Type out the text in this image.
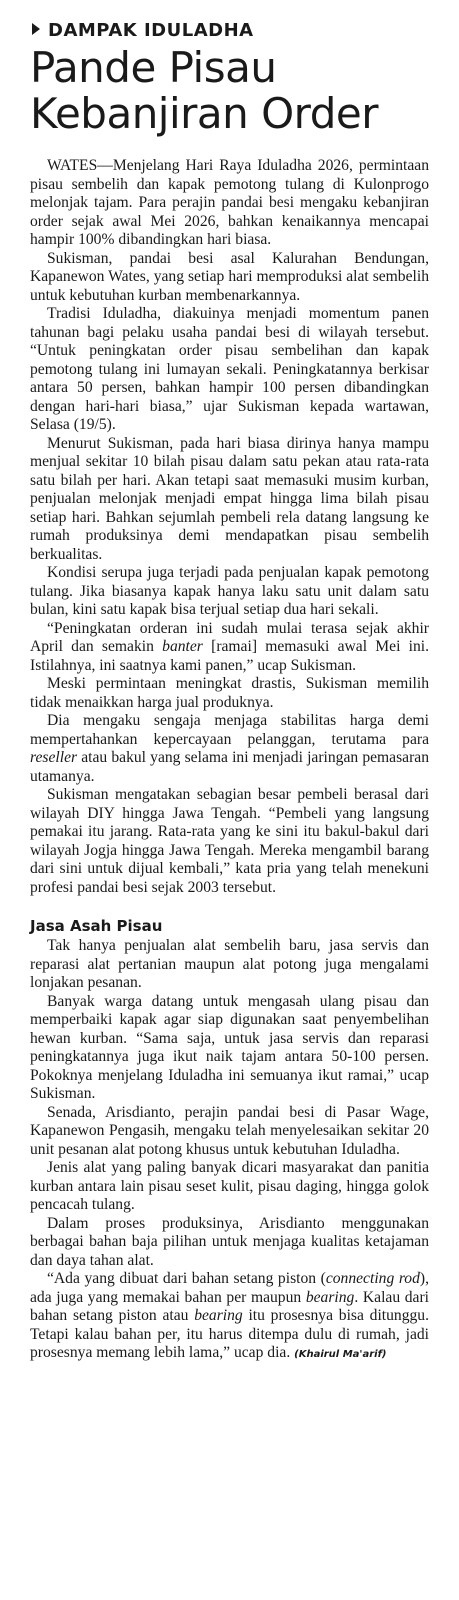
DAMPAK IDULADHA
Pande Pisau
Kebanjiran Order

WATES—Menjelang Hari Raya Iduladha 2026, permintaan pisau sembelih dan kapak pemotong tulang di Kulonprogo melonjak tajam. Para perajin pandai besi mengaku kebanjiran order sejak awal Mei 2026, bahkan kenaikannya mencapai hampir 100% dibandingkan hari biasa.

Sukisman, pandai besi asal Kalurahan Bendungan, Kapanewon Wates, yang setiap hari memproduksi alat sembelih untuk kebutuhan kurban membenarkannya.

Tradisi Iduladha, diakuinya menjadi momentum panen tahunan bagi pelaku usaha pandai besi di wilayah tersebut. “Untuk peningkatan order pisau sembelihan dan kapak pemotong tulang ini lumayan sekali. Peningkatannya berkisar antara 50 persen, bahkan hampir 100 persen dibandingkan dengan hari-hari biasa,” ujar Sukisman kepada wartawan, Selasa (19/5).

Menurut Sukisman, pada hari biasa dirinya hanya mampu menjual sekitar 10 bilah pisau dalam satu pekan atau rata-rata satu bilah per hari. Akan tetapi saat memasuki musim kurban, penjualan melonjak menjadi empat hingga lima bilah pisau setiap hari. Bahkan sejumlah pembeli rela datang langsung ke rumah produksinya demi mendapatkan pisau sembelih berkualitas.

Kondisi serupa juga terjadi pada penjualan kapak pemotong tulang. Jika biasanya kapak hanya laku satu unit dalam satu bulan, kini satu kapak bisa terjual setiap dua hari sekali.

“Peningkatan orderan ini sudah mulai terasa sejak akhir April dan semakin banter [ramai] memasuki awal Mei ini. Istilahnya, ini saatnya kami panen,” ucap Sukisman.

Meski permintaan meningkat drastis, Sukisman memilih tidak menaikkan harga jual produknya.

Dia mengaku sengaja menjaga stabilitas harga demi mempertahankan kepercayaan pelanggan, terutama para reseller atau bakul yang selama ini menjadi jaringan pemasaran utamanya.

Sukisman mengatakan sebagian besar pembeli berasal dari wilayah DIY hingga Jawa Tengah. “Pembeli yang langsung pemakai itu jarang. Rata-rata yang ke sini itu bakul-bakul dari wilayah Jogja hingga Jawa Tengah. Mereka mengambil barang dari sini untuk dijual kembali,” kata pria yang telah menekuni profesi pandai besi sejak 2003 tersebut.

Jasa Asah Pisau

Tak hanya penjualan alat sembelih baru, jasa servis dan reparasi alat pertanian maupun alat potong juga mengalami lonjakan pesanan.

Banyak warga datang untuk mengasah ulang pisau dan memperbaiki kapak agar siap digunakan saat penyembelihan hewan kurban. “Sama saja, untuk jasa servis dan reparasi peningkatannya juga ikut naik tajam antara 50-100 persen. Pokoknya menjelang Iduladha ini semuanya ikut ramai,” ucap Sukisman.

Senada, Arisdianto, perajin pandai besi di Pasar Wage, Kapanewon Pengasih, mengaku telah menyelesaikan sekitar 20 unit pesanan alat potong khusus untuk kebutuhan Iduladha.

Jenis alat yang paling banyak dicari masyarakat dan panitia kurban antara lain pisau seset kulit, pisau daging, hingga golok pencacah tulang.

Dalam proses produksinya, Arisdianto menggunakan berbagai bahan baja pilihan untuk menjaga kualitas ketajaman dan daya tahan alat.

“Ada yang dibuat dari bahan setang piston (connecting rod), ada juga yang memakai bahan per maupun bearing. Kalau dari bahan setang piston atau bearing itu prosesnya bisa ditunggu. Tetapi kalau bahan per, itu harus ditempa dulu di rumah, jadi prosesnya memang lebih lama,” ucap dia. (Khairul Ma'arif)
